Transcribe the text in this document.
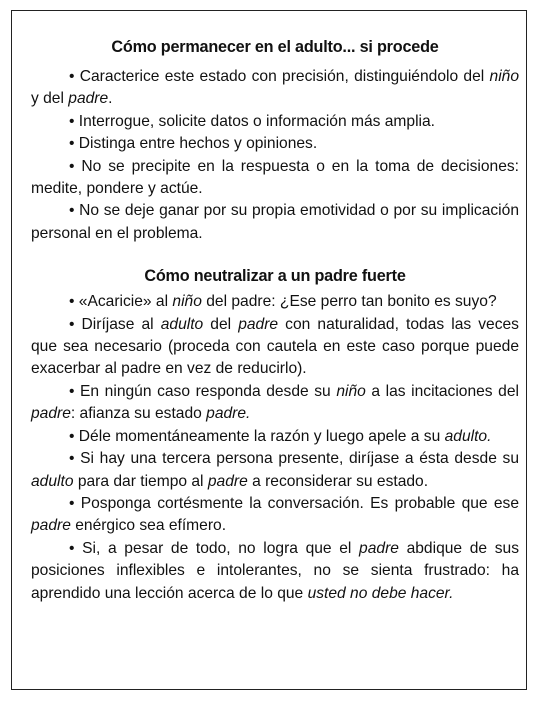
Cómo permanecer en el adulto... si procede

• Caracterice este estado con precisión, distinguiéndolo del niño y del padre.

• Interrogue, solicite datos o información más amplia.

• Distinga entre hechos y opiniones.

• No se precipite en la respuesta o en la toma de decisiones: medite, pondere y actúe.

• No se deje ganar por su propia emotividad o por su implicación personal en el problema.

Cómo neutralizar a un padre fuerte

• «Acaricie» al niño del padre: ¿Ese perro tan bonito es suyo?

• Diríjase al adulto del padre con naturalidad, todas las veces que sea necesario (proceda con cautela en este caso porque puede exacerbar al padre en vez de reducirlo).

• En ningún caso responda desde su niño a las incitaciones del padre: afianza su estado padre.

• Déle momentáneamente la razón y luego apele a su adulto.

• Si hay una tercera persona presente, diríjase a ésta desde su adulto para dar tiempo al padre a reconsiderar su estado.

• Posponga cortésmente la conversación. Es probable que ese padre enérgico sea efímero.

• Si, a pesar de todo, no logra que el padre abdique de sus posiciones inflexibles e intolerantes, no se sienta frustrado: ha aprendido una lección acerca de lo que usted no debe hacer.
